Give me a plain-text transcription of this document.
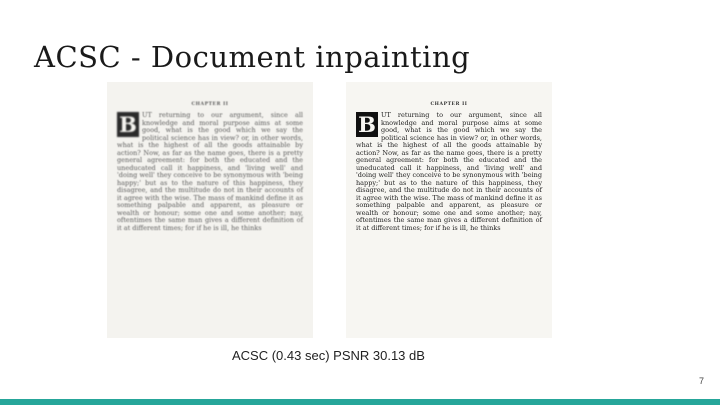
ACSC - Document inpainting
CHAPTER II
B UT returning to our argument, since all knowledge and moral purpose aims at some good, what is the good which we say the political science has in view? or, in other words, what is the highest of all the goods attainable by action? Now, as far as the name goes, there is a pretty general agreement: for both the educated and the uneducated call it happiness, and 'living well' and 'doing well' they conceive to be synonymous with 'being happy;' but as to the nature of this happiness, they disagree, and the multitude do not in their accounts of it agree with the wise. The mass of mankind define it as something palpable and apparent, as pleasure or wealth or honour; some one and some another; nay, oftentimes the same man gives a different definition of it at different times; for if he is ill, he thinks
CHAPTER II
B UT returning to our argument, since all knowledge and moral purpose aims at some good, what is the good which we say the political science has in view? or, in other words, what is the highest of all the goods attainable by action? Now, as far as the name goes, there is a pretty general agreement: for both the educated and the uneducated call it happiness, and 'living well' and 'doing well' they conceive to be synonymous with 'being happy;' but as to the nature of this happiness, they disagree, and the multitude do not in their accounts of it agree with the wise. The mass of mankind define it as something palpable and apparent, as pleasure or wealth or honour; some one and some another; nay, oftentimes the same man gives a different definition of it at different times; for if he is ill, he thinks
ACSC (0.43 sec) PSNR 30.13 dB
7
